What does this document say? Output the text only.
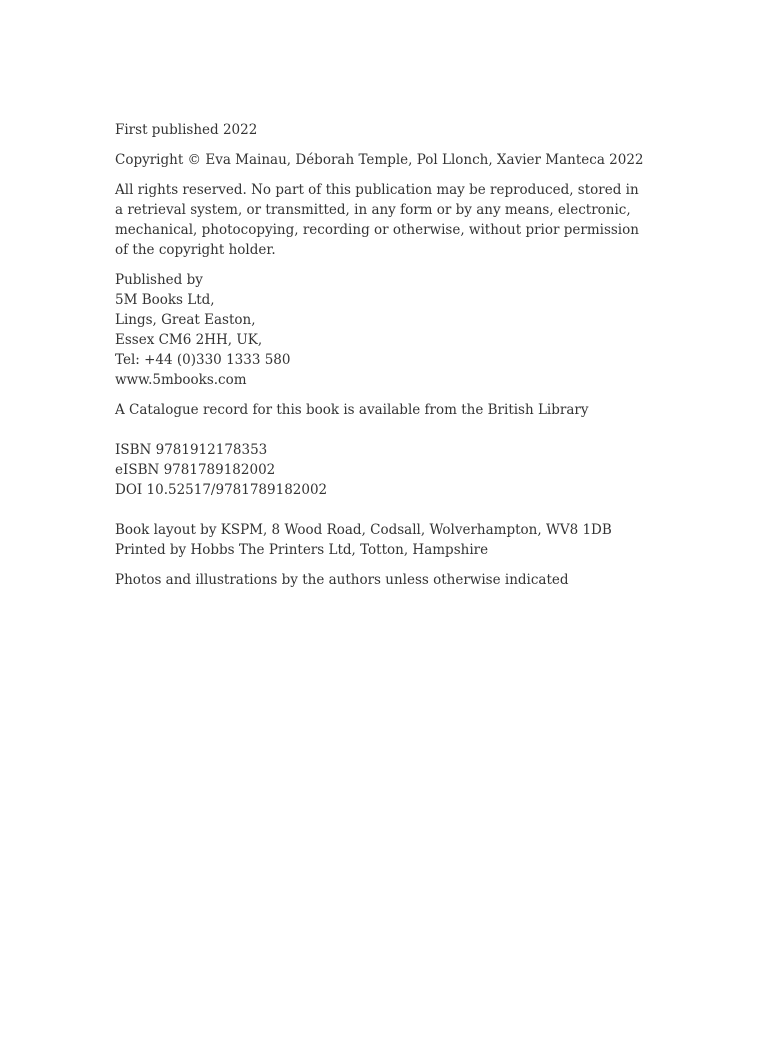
First published 2022

Copyright © Eva Mainau, Déborah Temple, Pol Llonch, Xavier Manteca 2022

All rights reserved. No part of this publication may be reproduced, stored in
a retrieval system, or transmitted, in any form or by any means, electronic,
mechanical, photocopying, recording or otherwise, without prior permission
of the copyright holder.

Published by
5M Books Ltd,
Lings, Great Easton,
Essex CM6 2HH, UK,
Tel: +44 (0)330 1333 580
www.5mbooks.com

A Catalogue record for this book is available from the British Library

ISBN 9781912178353
eISBN 9781789182002
DOI 10.52517/9781789182002

Book layout by KSPM, 8 Wood Road, Codsall, Wolverhampton, WV8 1DB
Printed by Hobbs The Printers Ltd, Totton, Hampshire

Photos and illustrations by the authors unless otherwise indicated
